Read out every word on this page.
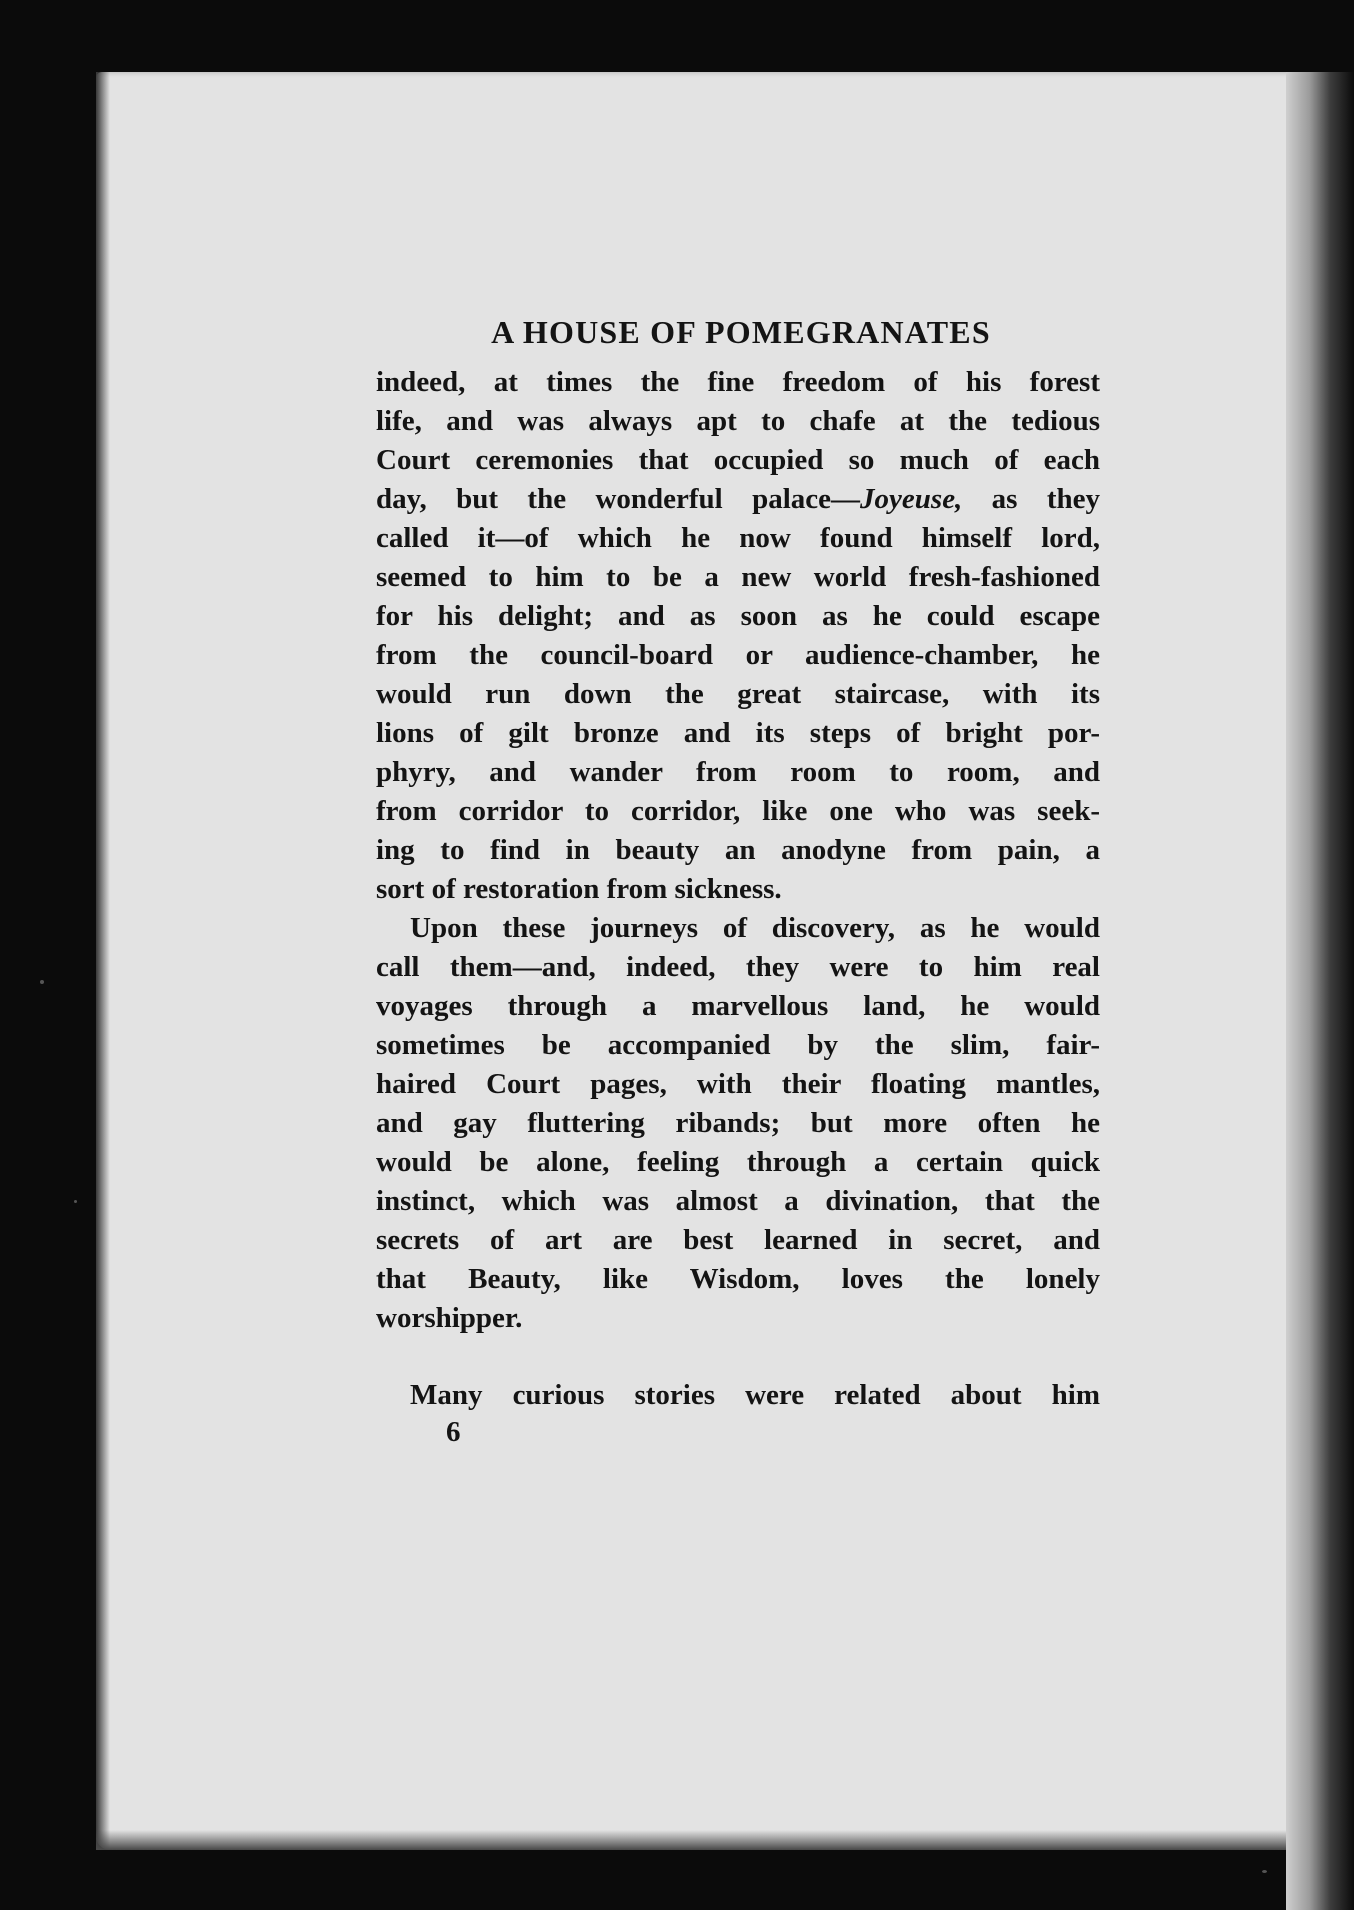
A HOUSE OF POMEGRANATES
indeed, at times the fine freedom of his forest
life, and was always apt to chafe at the tedious
Court ceremonies that occupied so much of each
day, but the wonderful palace—Joyeuse, as they
called it—of which he now found himself lord,
seemed to him to be a new world fresh-fashioned
for his delight; and as soon as he could escape
from the council-board or audience-chamber, he
would run down the great staircase, with its
lions of gilt bronze and its steps of bright por-
phyry, and wander from room to room, and
from corridor to corridor, like one who was seek-
ing to find in beauty an anodyne from pain, a
sort of restoration from sickness.
Upon these journeys of discovery, as he would
call them—and, indeed, they were to him real
voyages through a marvellous land, he would
sometimes be accompanied by the slim, fair-
haired Court pages, with their floating mantles,
and gay fluttering ribands; but more often he
would be alone, feeling through a certain quick
instinct, which was almost a divination, that the
secrets of art are best learned in secret, and
that Beauty, like Wisdom, loves the lonely
worshipper.
Many curious stories were related about him
6
